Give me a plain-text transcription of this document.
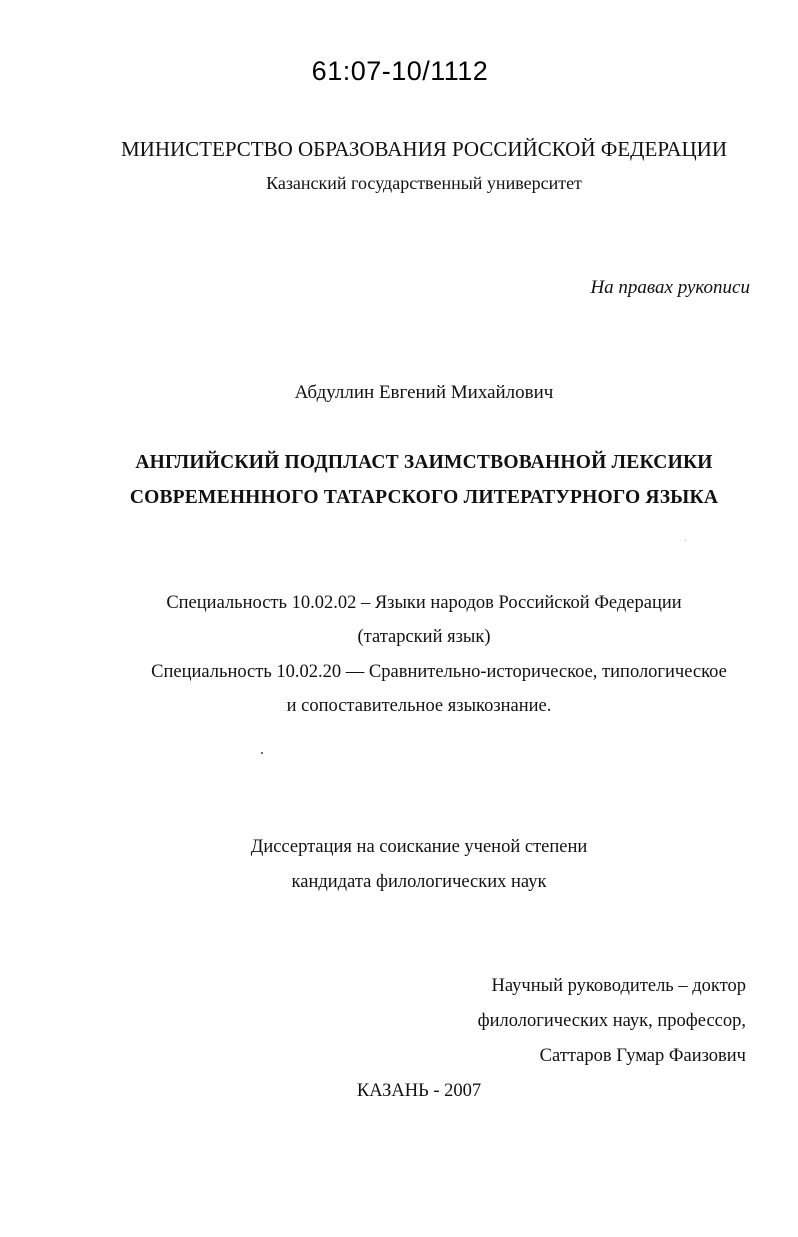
61:07-10/1112
МИНИСТЕРСТВО ОБРАЗОВАНИЯ РОССИЙСКОЙ ФЕДЕРАЦИИ
Казанский государственный университет
На правах рукописи
Абдуллин Евгений Михайлович
АНГЛИЙСКИЙ ПОДПЛАСТ ЗАИМСТВОВАННОЙ ЛЕКСИКИ
СОВРЕМЕНННОГО ТАТАРСКОГО ЛИТЕРАТУРНОГО ЯЗЫКА
Специальность 10.02.02 – Языки народов Российской Федерации
(татарский язык)
Специальность 10.02.20 — Сравнительно-историческое, типологическое
и сопоставительное языкознание.
Диссертация на соискание ученой степени
кандидата филологических наук
Научный руководитель – доктор
филологических наук, профессор,
Саттаров Гумар Фаизович
КАЗАНЬ - 2007
